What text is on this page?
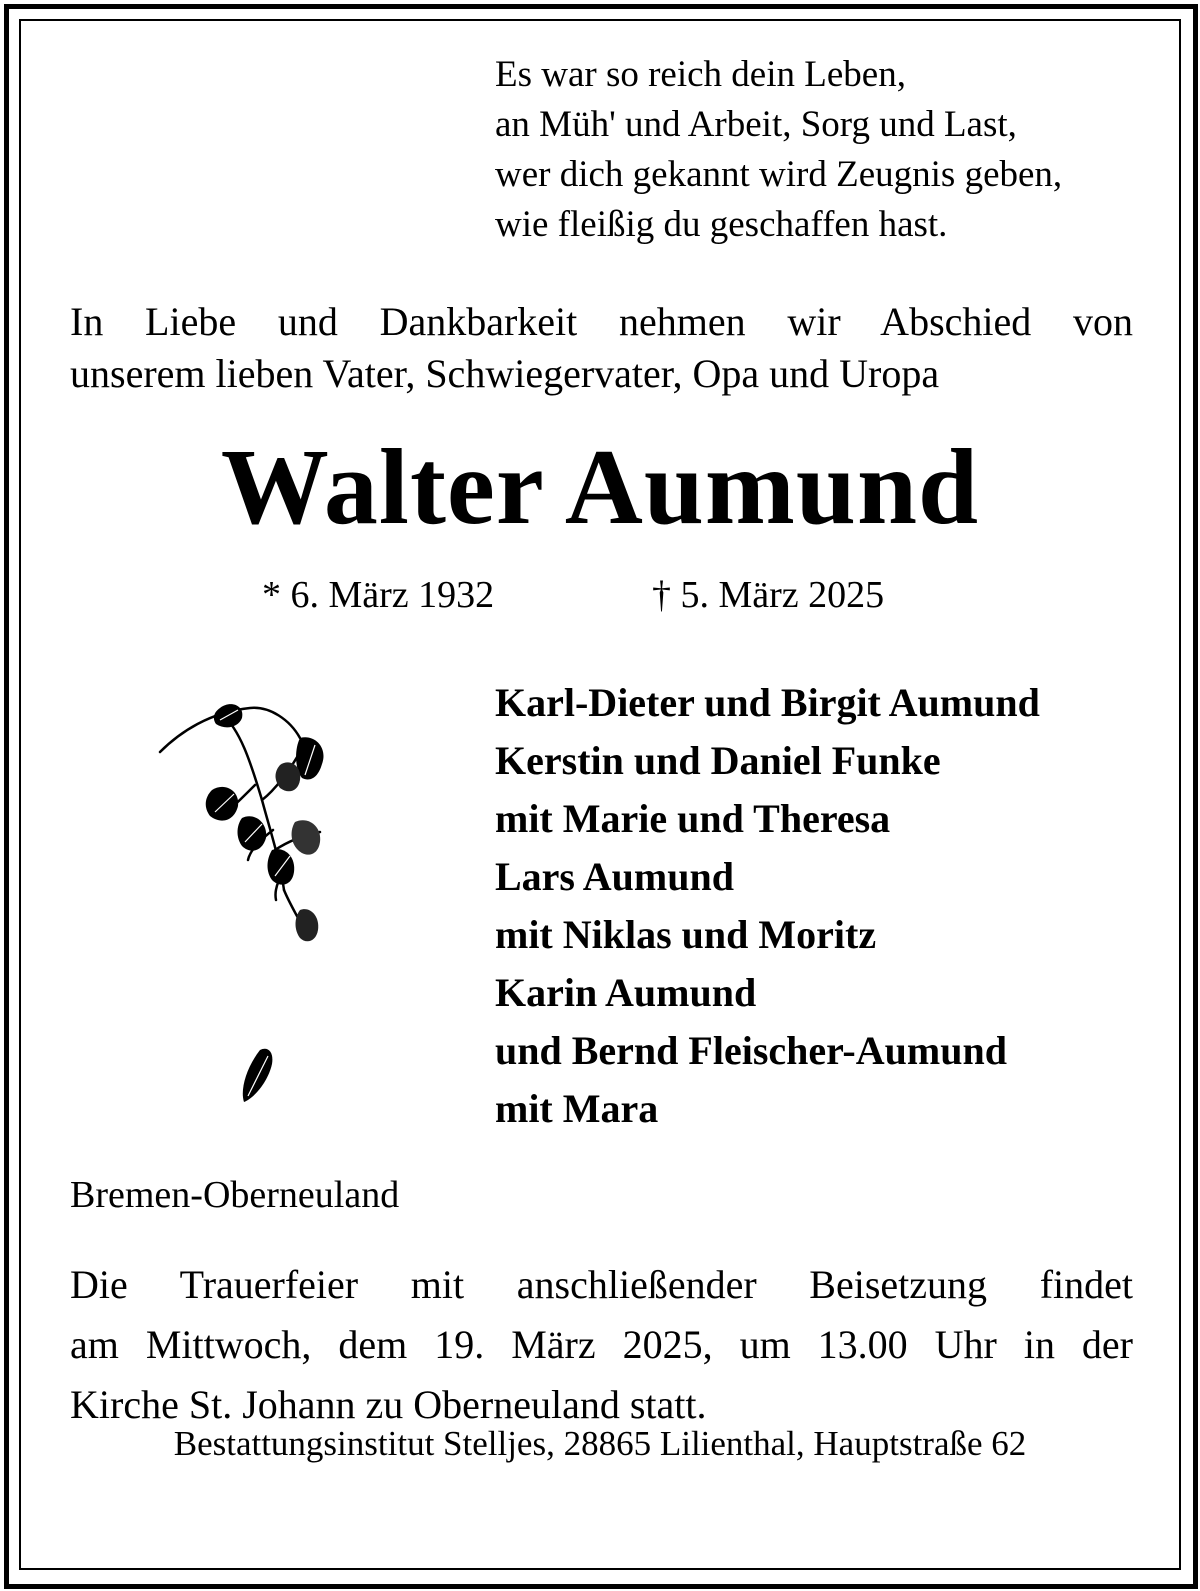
Es war so reich dein Leben,
an Müh' und Arbeit, Sorg und Last,
wer dich gekannt wird Zeugnis geben,
wie fleißig du geschaffen hast.
In Liebe und Dankbarkeit nehmen wir Abschied von
unserem lieben Vater, Schwiegervater, Opa und Uropa
Walter Aumund
* 6. März 1932	† 5. März 2025
Karl-Dieter und Birgit Aumund
Kerstin und Daniel Funke
mit Marie und Theresa
Lars Aumund
mit Niklas und Moritz
Karin Aumund
und Bernd Fleischer-Aumund
mit Mara
Bremen-Oberneuland
Die Trauerfeier mit anschließender Beisetzung findet
am Mittwoch, dem 19. März 2025, um 13.00 Uhr in der
Kirche St. Johann zu Oberneuland statt.
Bestattungsinstitut Stelljes, 28865 Lilienthal, Hauptstraße 62
